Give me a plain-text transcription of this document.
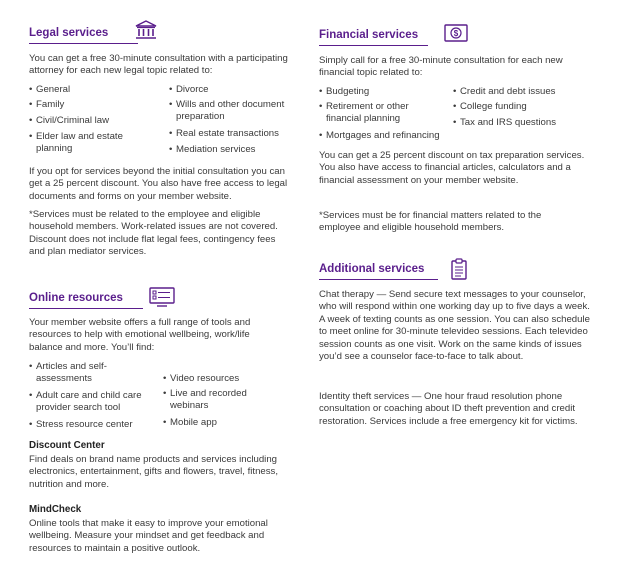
Legal services

You can get a free 30-minute consultation with a participating attorney for each new legal topic related to:

• General
• Family
• Civil/Criminal law
• Elder law and estate planning
• Divorce
• Wills and other document preparation
• Real estate transactions
• Mediation services

If you opt for services beyond the initial consultation you can get a 25 percent discount. You also have free access to legal documents and forms on your member website.

*Services must be related to the employee and eligible household members. Work-related issues are not covered. Discount does not include flat legal fees, contingency fees and plan mediator services.

Online resources

Your member website offers a full range of tools and resources to help with emotional wellbeing, work/life balance and more. You’ll find:

• Articles and self-assessments
• Adult care and child care provider search tool
• Stress resource center
• Video resources
• Live and recorded webinars
• Mobile app
Discount Center

Find deals on brand name products and services including electronics, entertainment, gifts and flowers, travel, fitness, nutrition and more.

MindCheck

Online tools that make it easy to improve your emotional wellbeing. Measure your mindset and get feedback and resources to maintain a positive outlook.

Financial services	$

Simply call for a free 30-minute consultation for each new financial topic related to:

• Budgeting
• Retirement or other financial planning
• Mortgages and refinancing
• Credit and debt issues
• College funding
• Tax and IRS questions

You can get a 25 percent discount on tax preparation services. You also have access to financial articles, calculators and a financial assessment on your member website.

*Services must be for financial matters related to the employee and eligible household members.

Additional services

Chat therapy — Send secure text messages to your counselor, who will respond within one working day up to five days a week. A week of texting counts as one session. You can also schedule to meet online for 30-minute televideo sessions. Each televideo session counts as one visit. Work on the same kinds of issues you’d see a counselor face-to-face to talk about.

Identity theft services — One hour fraud resolution phone consultation or coaching about ID theft prevention and credit restoration. Services include a free emergency kit for victims.
